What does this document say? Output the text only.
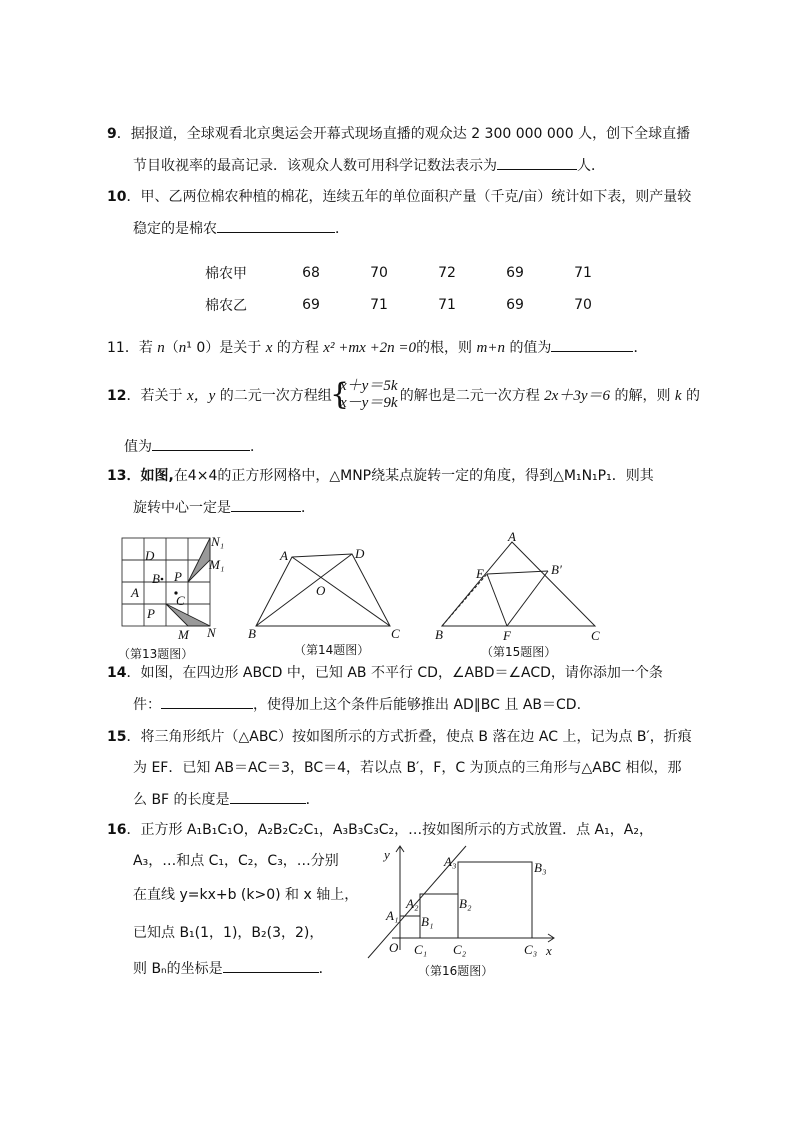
9．据报道，全球观看北京奥运会开幕式现场直播的观众达 2 300 000 000 人，创下全球直播
节目收视率的最高记录．该观众人数可用科学记数法表示为	人．
10．甲、乙两位棉农种植的棉花，连续五年的单位面积产量（千克/亩）统计如下表，则产量较
稳定的是棉农	．
棉农甲	68	70	72	69	71
棉农乙	69	71	71	69	70
11．若 n（n¹ 0）是关于 x 的方程 x² +mx +2n =0的根，则 m+n 的值为	．
12．若关于 x，y 的二元一次方程组	的解也是二元一次方程 2x＋3y＝6 的解，则 k 的
{
x＋y＝5k
x－y＝9k
值为	．
13．如图,在4×4的正方形网格中，△MNP绕某点旋转一定的角度，得到△M₁N₁P₁．则其
旋转中心一定是	．
D
B
A
P
C
P
M N
N₁
M₁
（第13题图）
A	D
O
B	C
（第14题图）
A
E	B′
B	F	C
（第15题图）
14．如图，在四边形 ABCD 中，已知 AB 不平行 CD，∠ABD＝∠ACD，请你添加一个条
件：	，使得加上这个条件后能够推出 AD∥BC 且 AB＝CD.
15．将三角形纸片（△ABC）按如图所示的方式折叠，使点 B 落在边 AC 上，记为点 B′，折痕
为 EF．已知 AB＝AC＝3，BC＝4，若以点 B′，F，C 为顶点的三角形与△ABC 相似，那
么 BF 的长度是	．
16．正方形 A₁B₁C₁O，A₂B₂C₂C₁，A₃B₃C₃C₂，…按如图所示的方式放置．点 A₁，A₂，
A₃，…和点 C₁，C₂，C₃，…分别
在直线 y=kx+b (k>0) 和 x 轴上，
已知点 B₁(1，1)，B₂(3，2)，
则 Bₙ的坐标是	．
y
x
O
A₁
A₂
A₃
B₁
B₂
B₃
C₁ C₂	C₃
（第16题图）
